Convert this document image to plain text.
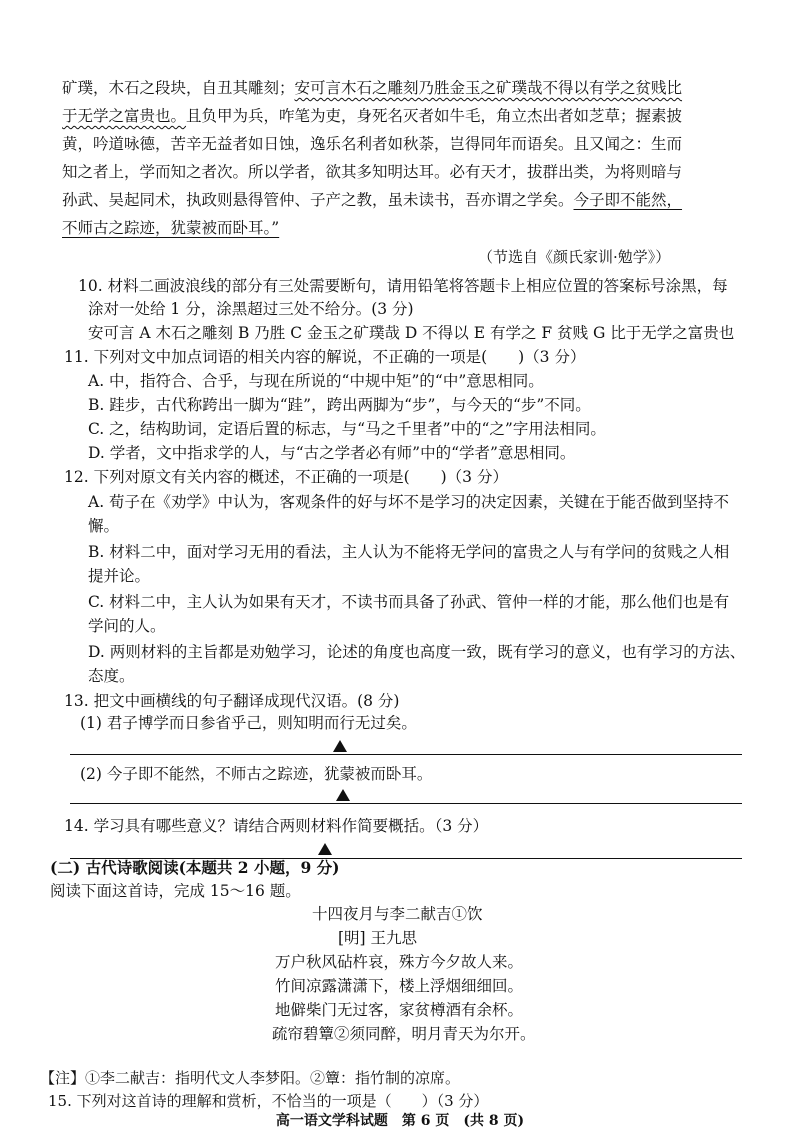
矿璞，木石之段块，自丑其雕刻；安可言木石之雕刻乃胜金玉之矿璞哉不得以有学之贫贱比
于无学之富贵也。且负甲为兵，咋笔为吏，身死名灭者如牛毛，角立杰出者如芝草；握素披
黄，吟道咏德，苦辛无益者如日蚀，逸乐名利者如秋荼，岂得同年而语矣。且又闻之：生而
知之者上，学而知之者次。所以学者，欲其多知明达耳。必有天才，拔群出类，为将则暗与
孙武、吴起同术，执政则悬得管仲、子产之教，虽未读书，吾亦谓之学矣。今子即不能然，
不师古之踪迹，犹蒙被而卧耳。”
（节选自《颜氏家训·勉学》）
10. 材料二画波浪线的部分有三处需要断句，请用铅笔将答题卡上相应位置的答案标号涂黑，每
涂对一处给 1 分，涂黑超过三处不给分。(3 分)
安可言 A 木石之雕刻 B 乃胜 C 金玉之矿璞哉 D 不得以 E 有学之 F 贫贱 G 比于无学之富贵也
11. 下列对文中加点词语的相关内容的解说，不正确的一项是(　　)（3 分）
A. 中，指符合、合乎，与现在所说的“中规中矩”的“中”意思相同。
B. 跬步，古代称跨出一脚为“跬”，跨出两脚为“步”，与今天的“步”不同。
C. 之，结构助词，定语后置的标志，与“马之千里者”中的“之”字用法相同。
D. 学者，文中指求学的人，与“古之学者必有师”中的“学者”意思相同。
12. 下列对原文有关内容的概述，不正确的一项是(　　)（3 分）
A. 荀子在《劝学》中认为，客观条件的好与坏不是学习的决定因素，关键在于能否做到坚持不
懈。
B. 材料二中，面对学习无用的看法，主人认为不能将无学问的富贵之人与有学问的贫贱之人相
提并论。
C. 材料二中，主人认为如果有天才，不读书而具备了孙武、管仲一样的才能，那么他们也是有
学问的人。
D. 两则材料的主旨都是劝勉学习，论述的角度也高度一致，既有学习的意义，也有学习的方法、
态度。
13. 把文中画横线的句子翻译成现代汉语。(8 分)
(1) 君子博学而日参省乎己，则知明而行无过矣。
(2) 今子即不能然，不师古之踪迹，犹蒙被而卧耳。
14. 学习具有哪些意义？请结合两则材料作简要概括。（3 分）
(二) 古代诗歌阅读(本题共 2 小题，9 分)
阅读下面这首诗，完成 15～16 题。
十四夜月与李二献吉①饮
[明] 王九思
万户秋风砧杵哀，殊方今夕故人来。
竹间凉露潇潇下，楼上浮烟细细回。
地僻柴门无过客，家贫樽酒有余杯。
疏帘碧簟②须同醉，明月青天为尔开。
【注】①李二献吉：指明代文人李梦阳。②簟：指竹制的凉席。
15. 下列对这首诗的理解和赏析，不恰当的一项是（　　）（3 分）
高一语文学科试题　第 6 页　(共 8 页)
